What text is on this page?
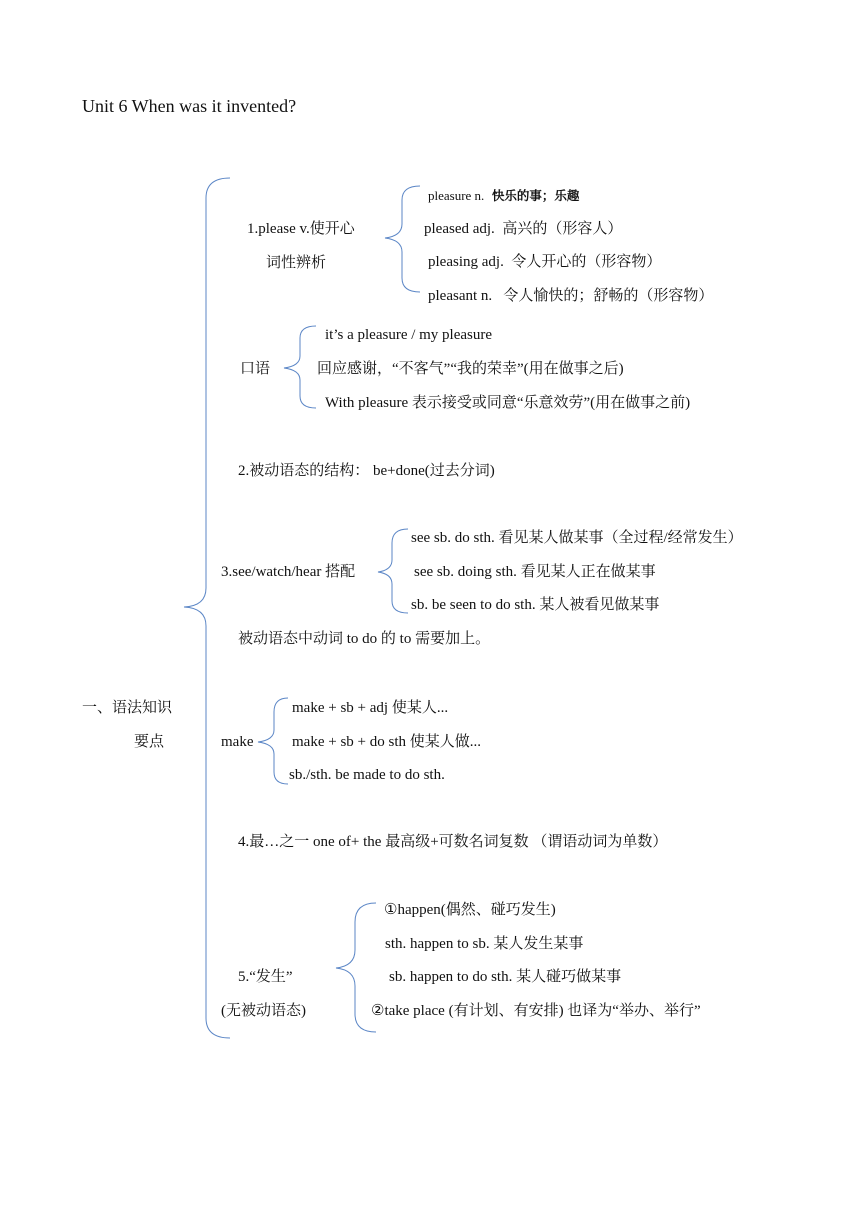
Unit 6 When was it invented?
一、语法知识
要点
1.please v.使开心
词性辨析
pleasure n. 快乐的事；乐趣
pleased adj. 高兴的（形容人）
pleasing adj. 令人开心的（形容物）
pleasant n. 令人愉快的；舒畅的（形容物）
口语
it’s a pleasure / my pleasure
回应感谢，“不客气”“我的荣幸”(用在做事之后)
With pleasure 表示接受或同意“乐意效劳”(用在做事之前)
2.被动语态的结构： be+done(过去分词)
3.see/watch/hear 搭配
see sb. do sth. 看见某人做某事（全过程/经常发生）
see sb. doing sth. 看见某人正在做某事
sb. be seen to do sth. 某人被看见做某事
被动语态中动词 to do 的 to 需要加上。
make
make + sb + adj 使某人...
make + sb + do sth 使某人做...
sb./sth. be made to do sth.
4.最…之一 one of+ the 最高级+可数名词复数 （谓语动词为单数）
5.“发生”
(无被动语态)
①happen(偶然、碰巧发生)
sth. happen to sb. 某人发生某事
sb. happen to do sth. 某人碰巧做某事
②take place (有计划、有安排) 也译为“举办、举行”
